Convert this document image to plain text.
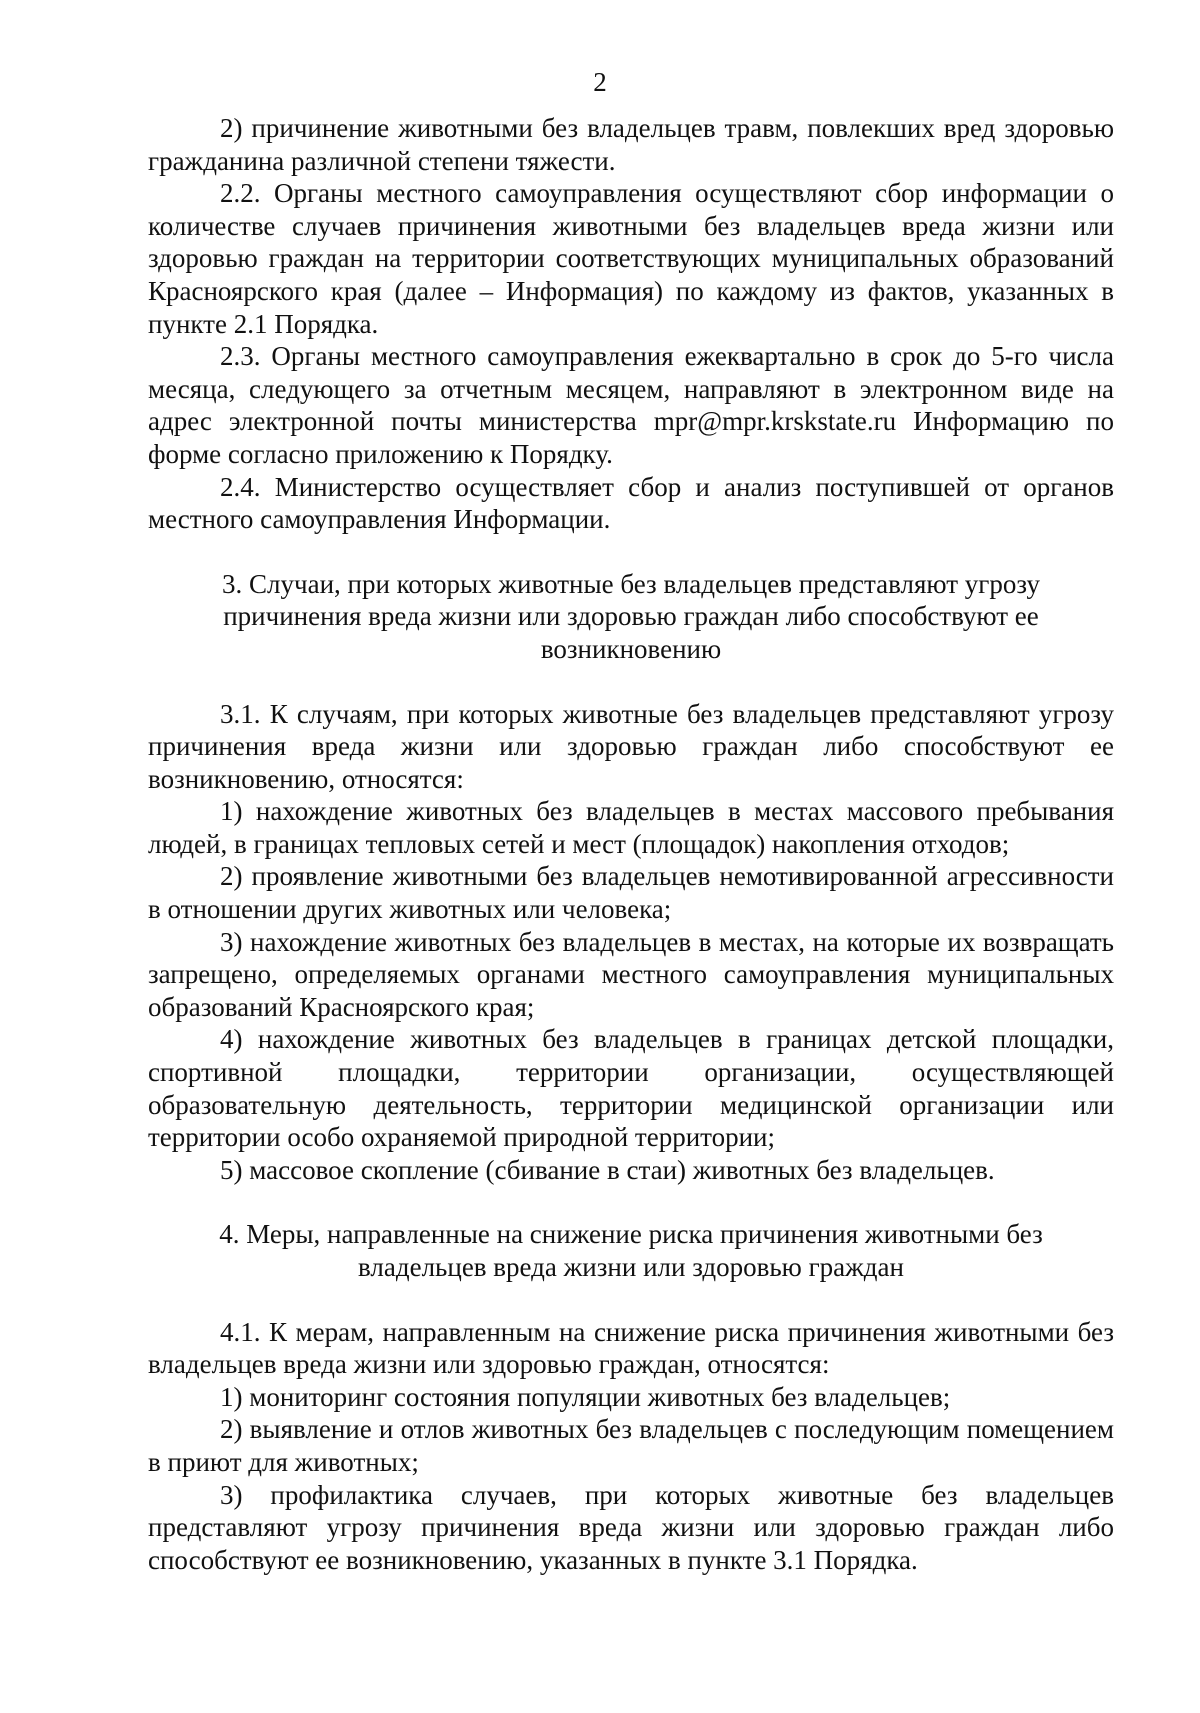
2

2) причинение животными без владельцев травм, повлекших вред здоровью гражданина различной степени тяжести.

2.2. Органы местного самоуправления осуществляют сбор информации о количестве случаев причинения животными без владельцев вреда жизни или здоровью граждан на территории соответствующих муниципальных образований Красноярского края (далее – Информация) по каждому из фактов, указанных в пункте 2.1 Порядка.

2.3. Органы местного самоуправления ежеквартально в срок до 5-го числа месяца, следующего за отчетным месяцем, направляют в электронном виде на адрес электронной почты министерства mpr@mpr.krskstate.ru Информацию по форме согласно приложению к Порядку.

2.4. Министерство осуществляет сбор и анализ поступившей от органов местного самоуправления Информации.

3. Случаи, при которых животные без владельцев представляют угрозу причинения вреда жизни или здоровью граждан либо способствуют ее возникновению

3.1. К случаям, при которых животные без владельцев представляют угрозу причинения вреда жизни или здоровью граждан либо способствуют ее возникновению, относятся:

1) нахождение животных без владельцев в местах массового пребывания людей, в границах тепловых сетей и мест (площадок) накопления отходов;

2) проявление животными без владельцев немотивированной агрессивности в отношении других животных или человека;

3) нахождение животных без владельцев в местах, на которые их возвращать запрещено, определяемых органами местного самоуправления муниципальных образований Красноярского края;

4) нахождение животных без владельцев в границах детской площадки, спортивной площадки, территории организации, осуществляющей образовательную деятельность, территории медицинской организации или территории особо охраняемой природной территории;

5) массовое скопление (сбивание в стаи) животных без владельцев.

4. Меры, направленные на снижение риска причинения животными без владельцев вреда жизни или здоровью граждан

4.1. К мерам, направленным на снижение риска причинения животными без владельцев вреда жизни или здоровью граждан, относятся:

1) мониторинг состояния популяции животных без владельцев;

2) выявление и отлов животных без владельцев с последующим помещением в приют для животных;

3) профилактика случаев, при которых животные без владельцев представляют угрозу причинения вреда жизни или здоровью граждан либо способствуют ее возникновению, указанных в пункте 3.1 Порядка.
